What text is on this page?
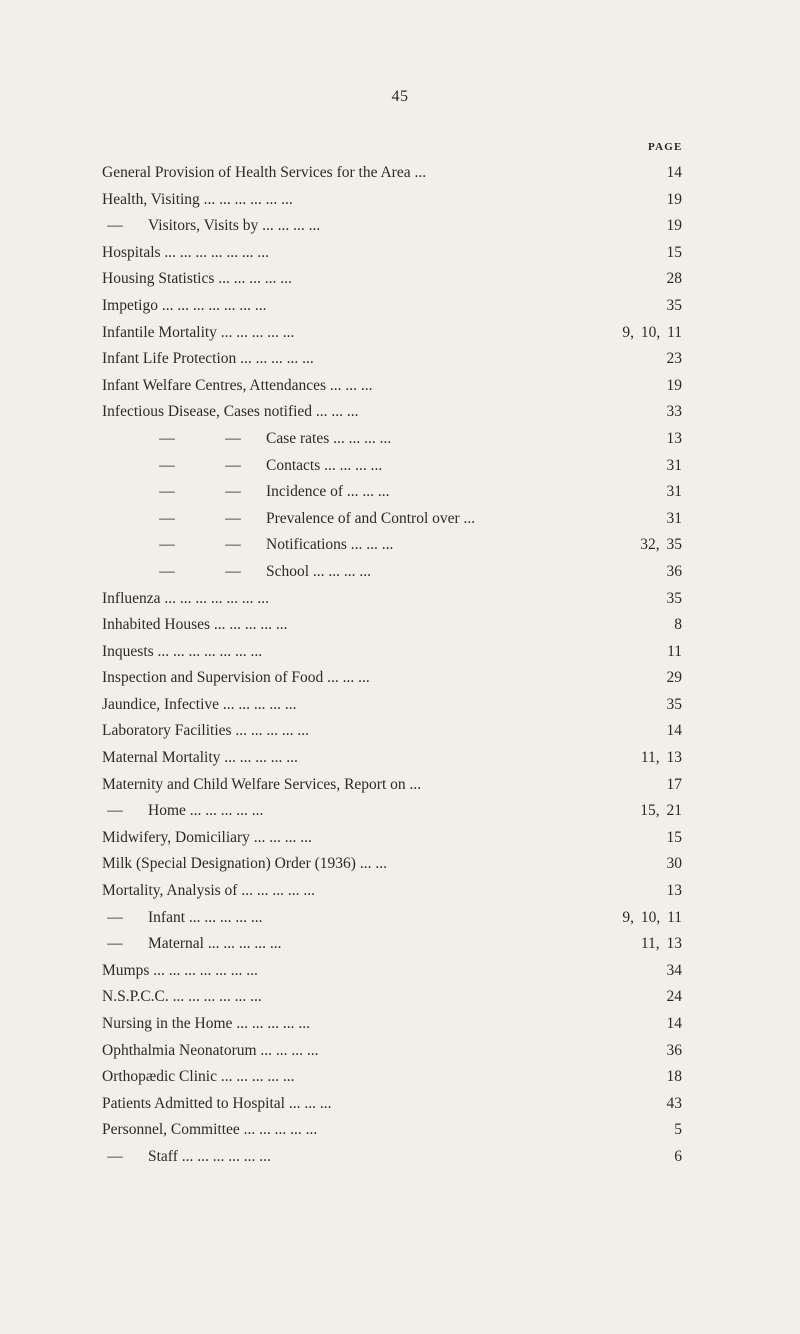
45
PAGE
General Provision of Health Services for the Area ...	14
Health, Visiting ... ... ... ... ... ...	19
— Visitors, Visits by ... ... ... ...	19
Hospitals ... ... ... ... ... ... ...	15
Housing Statistics ... ... ... ... ...	28
Impetigo ... ... ... ... ... ... ...	35
Infantile Mortality ... ... ... ... ...	9, 10, 11
Infant Life Protection ... ... ... ... ...	23
Infant Welfare Centres, Attendances ... ... ...	19
Infectious Disease, Cases notified ... ... ...	33
—	— Case rates ... ... ... ...	13
—	— Contacts ... ... ... ...	31
—	— Incidence of ... ... ...	31
—	— Prevalence of and Control over ...	31
—	— Notifications ... ... ...	32, 35
—	— School ... ... ... ...	36
Influenza ... ... ... ... ... ... ...	35
Inhabited Houses ... ... ... ... ...	8
Inquests ... ... ... ... ... ... ...	11
Inspection and Supervision of Food ... ... ...	29
Jaundice, Infective ... ... ... ... ...	35
Laboratory Facilities ... ... ... ... ...	14
Maternal Mortality ... ... ... ... ...	11, 13
Maternity and Child Welfare Services, Report on ...	17
— Home ... ... ... ... ...	15, 21
Midwifery, Domiciliary ... ... ... ...	15
Milk (Special Designation) Order (1936) ... ...	30
Mortality, Analysis of ... ... ... ... ...	13
— Infant ... ... ... ... ...	9, 10, 11
— Maternal ... ... ... ... ...	11, 13
Mumps ... ... ... ... ... ... ...	34
N.S.P.C.C. ... ... ... ... ... ...	24
Nursing in the Home ... ... ... ... ...	14
Ophthalmia Neonatorum ... ... ... ...	36
Orthopædic Clinic ... ... ... ... ...	18
Patients Admitted to Hospital ... ... ...	43
Personnel, Committee ... ... ... ... ...	5
— Staff ... ... ... ... ... ...	6
